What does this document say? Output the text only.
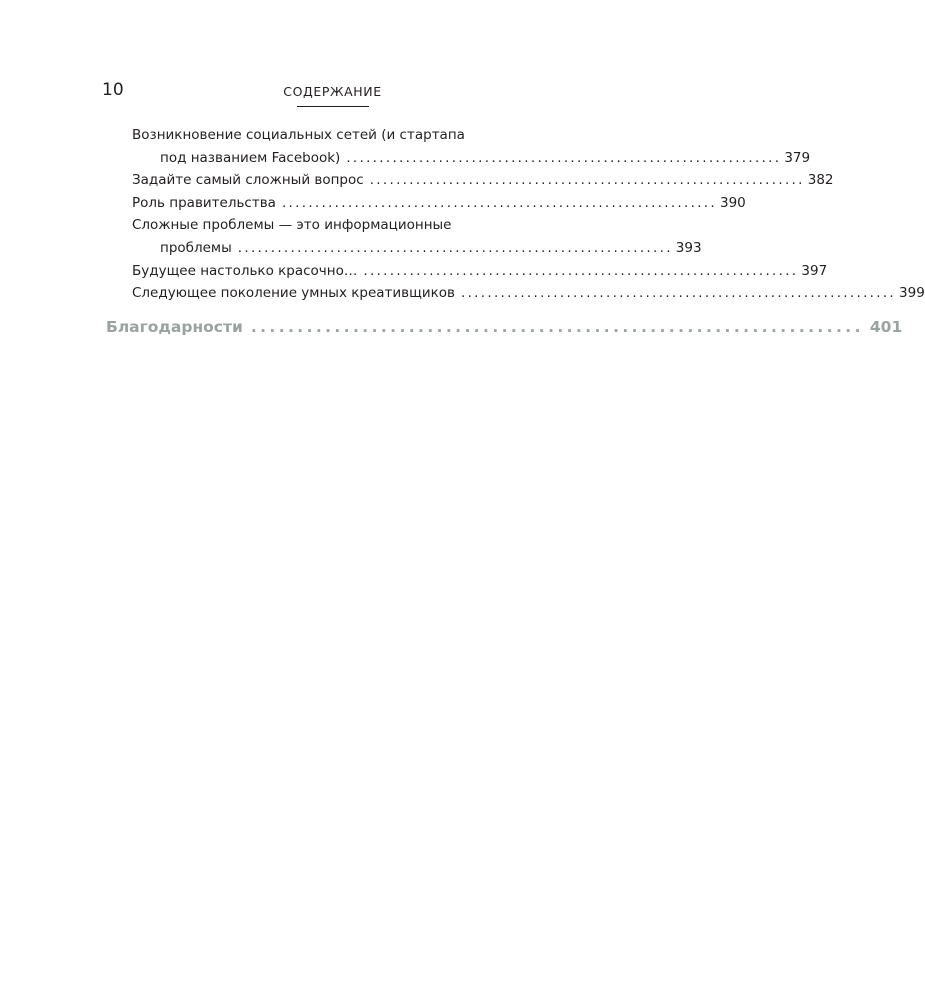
10	СОДЕРЖАНИЕ
Возникновение социальных сетей (и стартапа
под названием Facebook) .................................................................. 379
Задайте самый сложный вопрос .................................................................. 382
Роль правительства .................................................................. 390
Сложные проблемы — это информационные
проблемы .................................................................. 393
Будущее настолько красочно… .................................................................. 397
Следующее поколение умных креативщиков .................................................................. 399
Благодарности .................................................................. 401
